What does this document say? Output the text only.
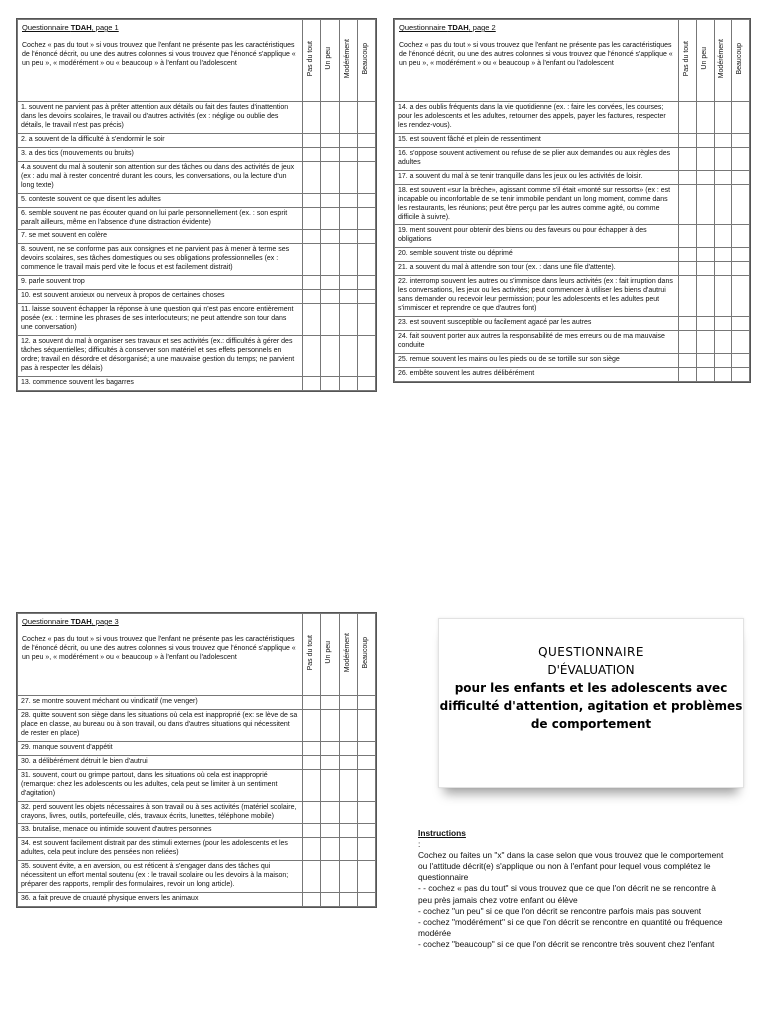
Questionnaire TDAH, page 1
Cochez « pas du tout » si vous trouvez que l'enfant ne présente pas les caractéristiques de l'énoncé décrit, ou une des autres colonnes si vous trouvez que l'énoncé s'applique « un peu », « modérément » ou « beaucoup » à l'enfant ou l'adolescent	Pas du tout	Un peu	Modérément	Beaucoup
1. souvent ne parvient pas à prêter attention aux détails ou fait des fautes d'inattention dans les devoirs scolaires, le travail ou d'autres activités (ex : néglige ou oublie des détails, le travail n'est pas précis)				
2. a souvent de la difficulté à s'endormir le soir				
3. a des tics (mouvements ou bruits)				
4.a souvent du mal à soutenir son attention sur des tâches ou dans des activités de jeux (ex : adu mal à rester concentré durant les cours, les conversations, ou la lecture d'un long texte)				
5. conteste souvent ce que disent les adultes				
6. semble souvent ne pas écouter quand on lui parle personnellement (ex. : son esprit paraît ailleurs, même en l'absence d'une distraction évidente)				
7. se met souvent en colère				
8. souvent, ne se conforme pas aux consignes et ne parvient pas à mener à terme ses devoirs scolaires, ses tâches domestiques ou ses obligations professionnelles (ex : commence le travail mais perd vite le focus et est facilement distrait)				
9. parle souvent trop				
10. est souvent anxieux ou nerveux à propos de certaines choses				
11. laisse souvent échapper la réponse à une question qui n'est pas encore entièrement posée (ex. : termine les phrases de ses interlocuteurs; ne peut attendre son tour dans une conversation)				
12. a souvent du mal à organiser ses travaux et ses activités (ex.: difficultés à gérer des tâches séquentielles; difficultés à conserver son matériel et ses effets personnels en ordre; travail en désordre et désorganisé; a une mauvaise gestion du temps; ne parvient pas à respecter les délais)				
13. commence souvent les bagarres				
Questionnaire TDAH, page 2
Cochez « pas du tout » si vous trouvez que l'enfant ne présente pas les caractéristiques de l'énoncé décrit, ou une des autres colonnes si vous trouvez que l'énoncé s'applique « un peu », « modérément » ou « beaucoup » à l'enfant ou l'adolescent	Pas du tout	Un peu	Modérément	Beaucoup
14. a des oublis fréquents dans la vie quotidienne (ex. : faire les corvées, les courses; pour les adolescents et les adultes, retourner des appels, payer les factures, respecter les rendez-vous).				
15. est souvent fâché et plein de ressentiment				
16. s'oppose souvent activement ou refuse de se plier aux demandes ou aux règles des adultes				
17. a souvent du mal à se tenir tranquille dans les jeux ou les activités de loisir.				
18. est souvent «sur la brèche», agissant comme s'il était «monté sur ressorts» (ex : est incapable ou inconfortable de se tenir immobile pendant un long moment, comme dans les restaurants, les réunions; peut être perçu par les autres comme agité, ou comme difficile à suivre).				
19. ment souvent pour obtenir des biens ou des faveurs ou pour échapper à des obligations				
20. semble souvent triste ou déprimé				
21. a souvent du mal à attendre son tour (ex. : dans une file d'attente).				
22. interromp souvent les autres ou s'immisce dans leurs activités (ex : fait irruption dans les conversations, les jeux ou les activités; peut commencer à utiliser les biens d'autrui sans demander ou recevoir leur permission; pour les adolescents et les adultes peut s'immiscer et reprendre ce que d'autres font)				
23. est souvent susceptible ou facilement agacé par les autres				
24. fait souvent porter aux autres la responsabilité de mes erreurs ou de ma mauvaise conduite				
25. remue souvent les mains ou les pieds ou de se tortille sur son siège				
26. embête souvent les autres délibérément				
Questionnaire TDAH, page 3
Cochez « pas du tout » si vous trouvez que l'enfant ne présente pas les caractéristiques de l'énoncé décrit, ou une des autres colonnes si vous trouvez que l'énoncé s'applique « un peu », « modérément » ou « beaucoup » à l'enfant ou l'adolescent	Pas du tout	Un peu	Modérément	Beaucoup
27. se montre souvent méchant ou vindicatif (me venger)				
28. quitte souvent son siège dans les situations où cela est inapproprié (ex: se lève de sa place en classe, au bureau ou à son travail, ou dans d'autres situations qui nécessitent de rester en place)				
29. manque souvent d'appétit				
30. a délibérément détruit le bien d'autrui				
31. souvent, court ou grimpe partout, dans les situations où cela est inapproprié (remarque: chez les adolescents ou les adultes, cela peut se limiter à un sentiment d'agitation)				
32. perd souvent les objets nécessaires à son travail ou à ses activités (matériel scolaire, crayons, livres, outils, portefeuille, clés, travaux écrits, lunettes, téléphone mobile)				
33. brutalise, menace ou intimide souvent d'autres personnes				
34. est souvent facilement distrait par des stimuli externes (pour les adolescents et les adultes, cela peut inclure des pensées non reliées)				
35. souvent évite, a en aversion, ou est réticent à s'engager dans des tâches qui nécessitent un effort mental soutenu (ex : le travail scolaire ou les devoirs à la maison; préparer des rapports, remplir des formulaires, revoir un long article).				
36. a fait preuve de cruauté physique envers les animaux				
QUESTIONNAIRE
D'ÉVALUATION
pour les enfants et les adolescents avec difficulté d'attention, agitation et problèmes de comportement
Instructions
:
Cochez ou faites un "x" dans la case selon que vous trouvez que le comportement ou l'attitude décrit(e) s'applique ou non à l'enfant pour lequel vous complétez le questionnaire
- - cochez « pas du tout" si vous trouvez que ce que l'on décrit ne se rencontre à peu près jamais chez votre enfant ou élève
- cochez "un peu" si ce que l'on décrit se rencontre parfois mais pas souvent
- cochez "modérément" si ce que l'on décrit se rencontre en quantité ou fréquence modérée
- cochez "beaucoup" si ce que l'on décrit se rencontre très souvent chez l'enfant
